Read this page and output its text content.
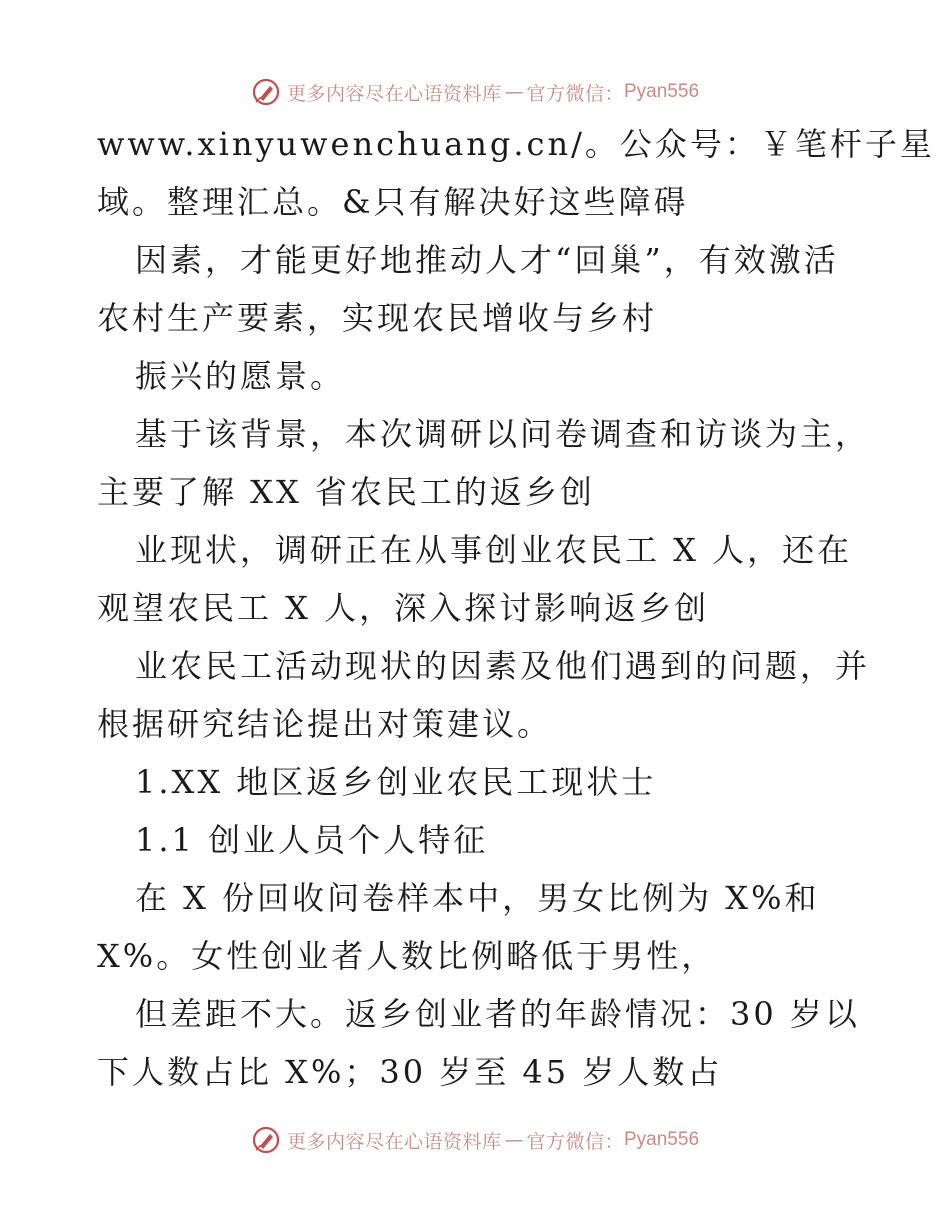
更多内容尽在心语资料库 — 官方微信： Pyan556
www.xinyuwenchuang.cn/。公众号：￥笔杆子星
域。整理汇总。&只有解决好这些障碍
因素，才能更好地推动人才“回巢”，有效激活
农村生产要素，实现农民增收与乡村
振兴的愿景。
基于该背景，本次调研以问卷调查和访谈为主，
主要了解 XX 省农民工的返乡创
业现状，调研正在从事创业农民工 X 人，还在
观望农民工 X 人，深入探讨影响返乡创
业农民工活动现状的因素及他们遇到的问题，并
根据研究结论提出对策建议。
1.XX 地区返乡创业农民工现状士
1.1 创业人员个人特征
在 X 份回收问卷样本中，男女比例为 X%和
X%。女性创业者人数比例略低于男性，
但差距不大。返乡创业者的年龄情况：30 岁以
下人数占比 X%；30 岁至 45 岁人数占
更多内容尽在心语资料库 — 官方微信： Pyan556
